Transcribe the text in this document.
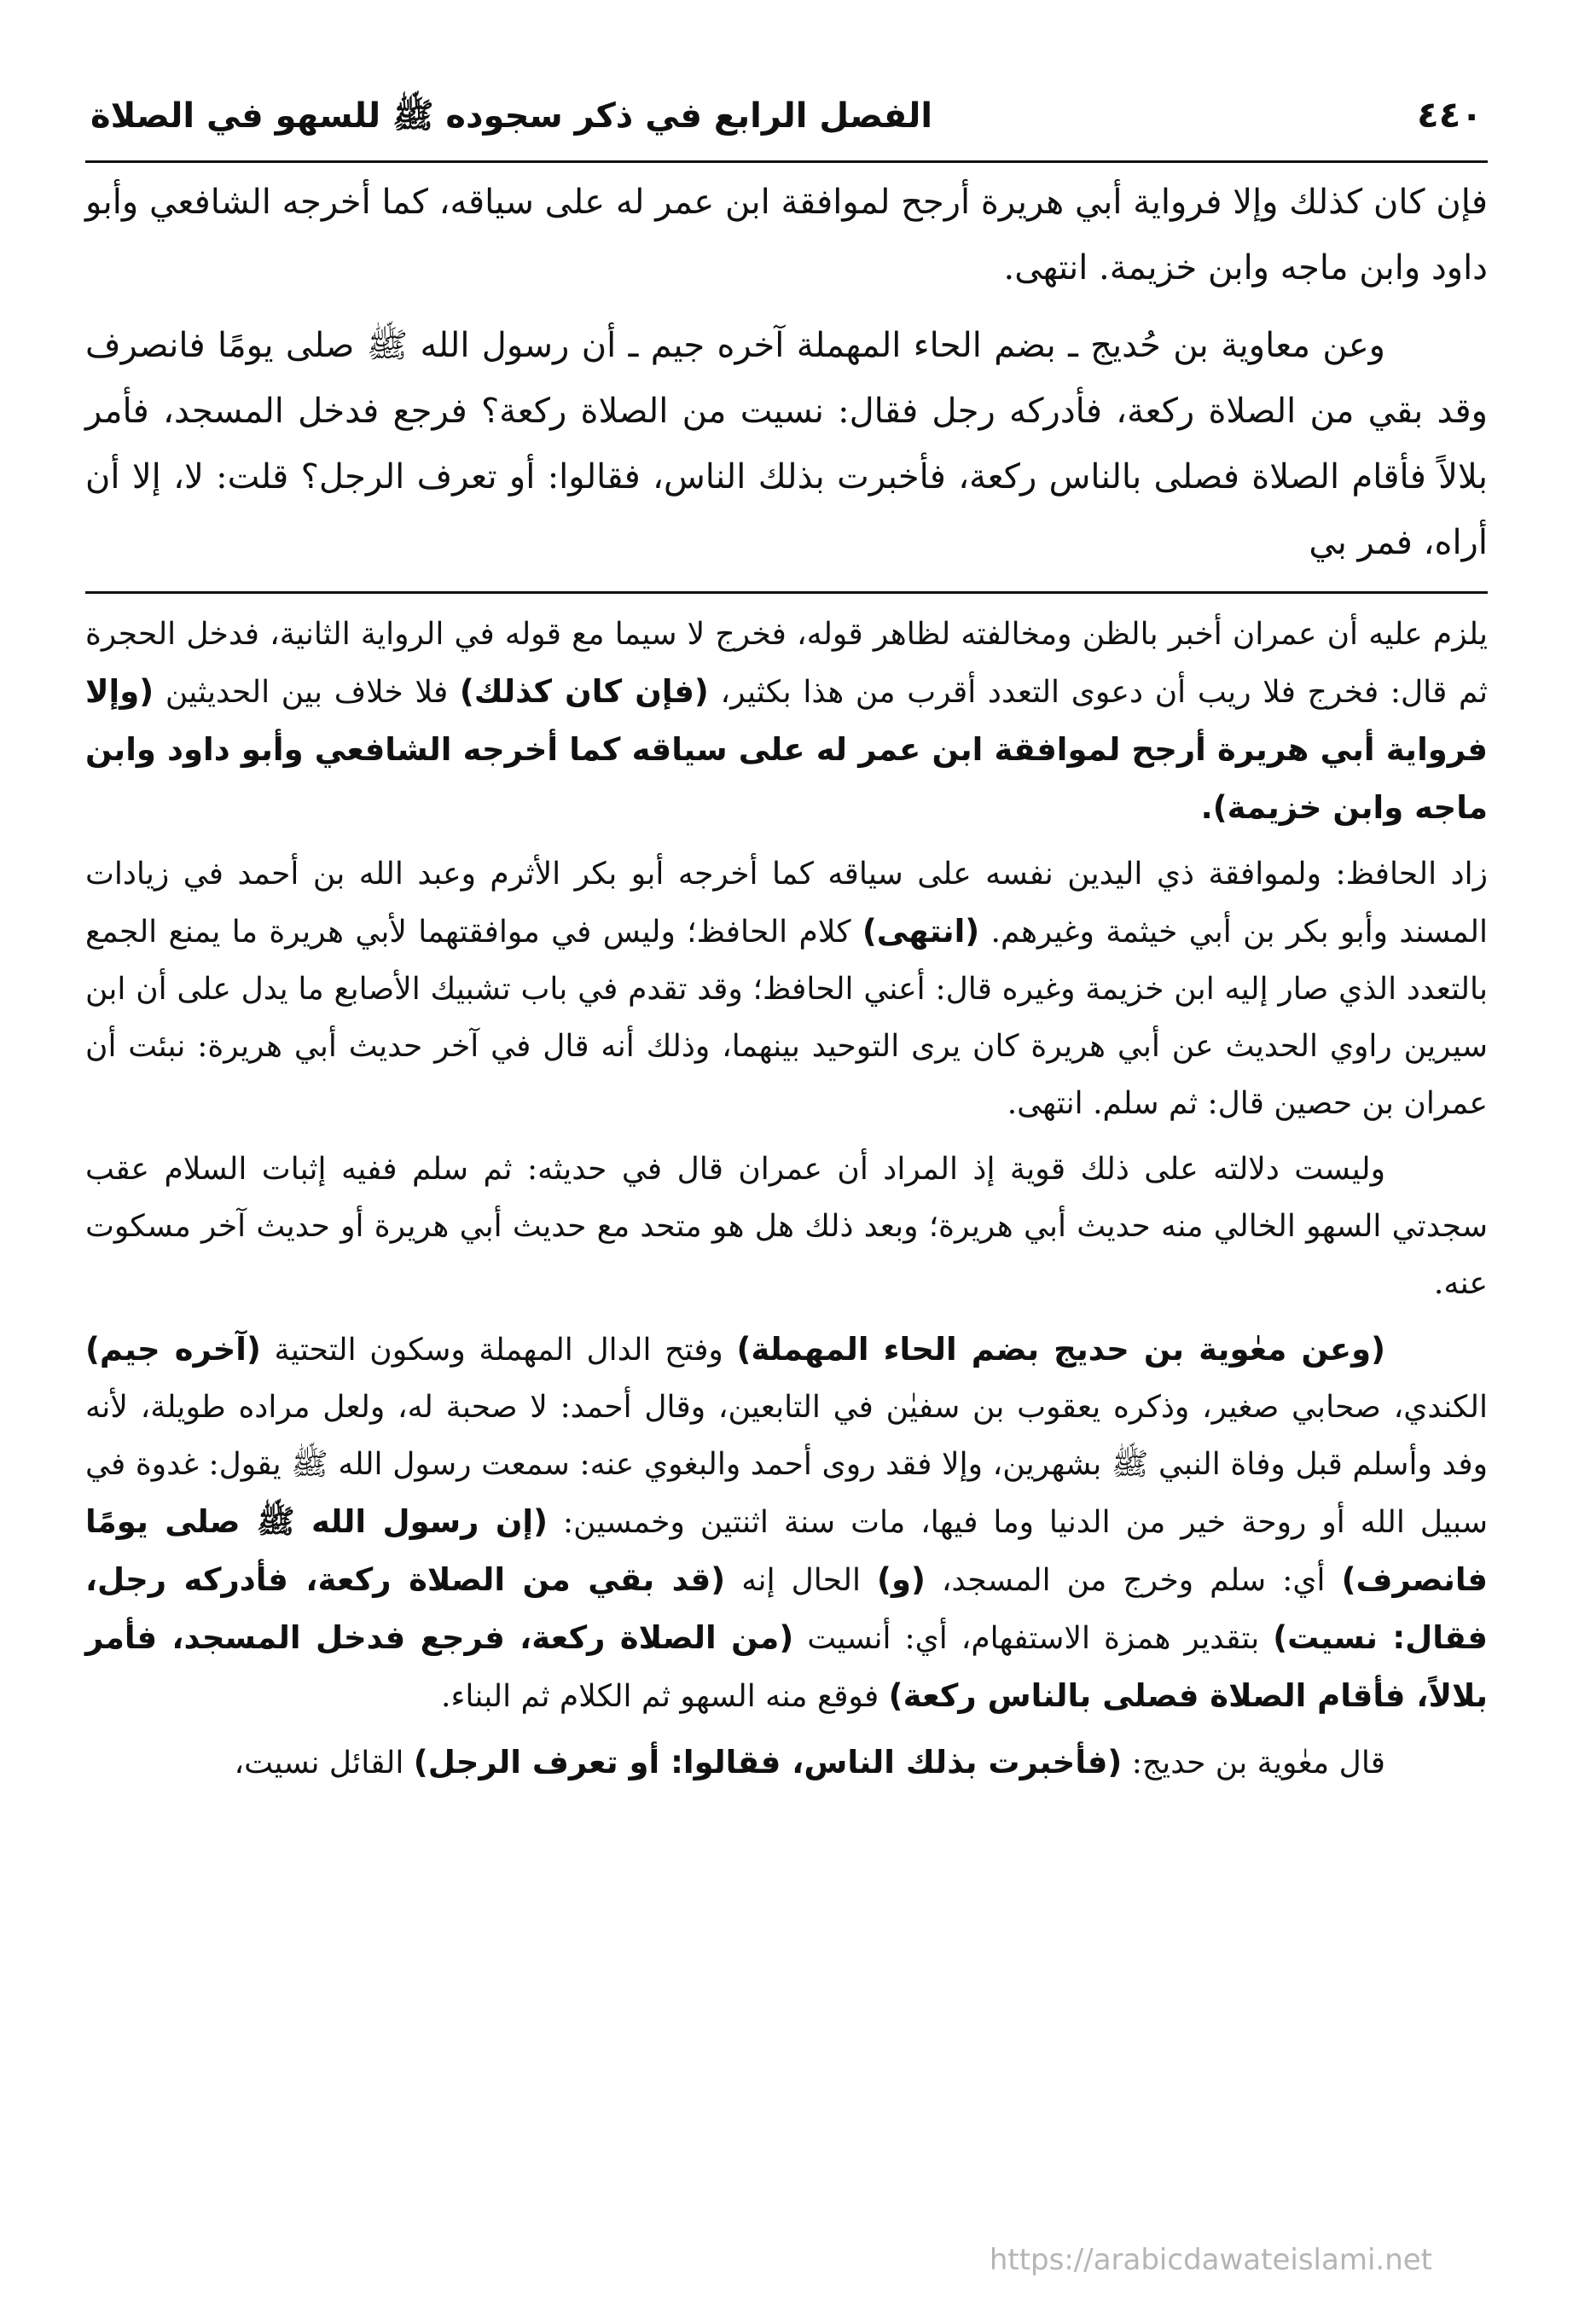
٤٤٠
الفصل الرابع في ذكر سجوده ﷺ للسهو في الصلاة

فإن كان كذلك وإلا فرواية أبي هريرة أرجح لموافقة ابن عمر له على سياقه، كما أخرجه الشافعي وأبو داود وابن ماجه وابن خزيمة. انتهى.

وعن معاوية بن حُديج ـ بضم الحاء المهملة آخره جيم ـ أن رسول الله ﷺ صلى يومًا فانصرف وقد بقي من الصلاة ركعة، فأدركه رجل فقال: نسيت من الصلاة ركعة؟ فرجع فدخل المسجد، فأمر بلالاً فأقام الصلاة فصلى بالناس ركعة، فأخبرت بذلك الناس، فقالوا: أو تعرف الرجل؟ قلت: لا، إلا أن أراه، فمر بي

يلزم عليه أن عمران أخبر بالظن ومخالفته لظاهر قوله، فخرج لا سيما مع قوله في الرواية الثانية، فدخل الحجرة ثم قال: فخرج فلا ريب أن دعوى التعدد أقرب من هذا بكثير، (فإن كان كذلك) فلا خلاف بين الحديثين (وإلا فرواية أبي هريرة أرجح لموافقة ابن عمر له على سياقه كما أخرجه الشافعي وأبو داود وابن ماجه وابن خزيمة).

زاد الحافظ: ولموافقة ذي اليدين نفسه على سياقه كما أخرجه أبو بكر الأثرم وعبد الله بن أحمد في زيادات المسند وأبو بكر بن أبي خيثمة وغيرهم. (انتهى) كلام الحافظ؛ وليس في موافقتهما لأبي هريرة ما يمنع الجمع بالتعدد الذي صار إليه ابن خزيمة وغيره قال: أعني الحافظ؛ وقد تقدم في باب تشبيك الأصابع ما يدل على أن ابن سيرين راوي الحديث عن أبي هريرة كان يرى التوحيد بينهما، وذلك أنه قال في آخر حديث أبي هريرة: نبئت أن عمران بن حصين قال: ثم سلم. انتهى.

وليست دلالته على ذلك قوية إذ المراد أن عمران قال في حديثه: ثم سلم ففيه إثبات السلام عقب سجدتي السهو الخالي منه حديث أبي هريرة؛ وبعد ذلك هل هو متحد مع حديث أبي هريرة أو حديث آخر مسكوت عنه.

(وعن معٰوية بن حديج بضم الحاء المهملة) وفتح الدال المهملة وسكون التحتية (آخره جيم) الكندي، صحابي صغير، وذكره يعقوب بن سفيٰن في التابعين، وقال أحمد: لا صحبة له، ولعل مراده طويلة، لأنه وفد وأسلم قبل وفاة النبي ﷺ بشهرين، وإلا فقد روى أحمد والبغوي عنه: سمعت رسول الله ﷺ يقول: غدوة في سبيل الله أو روحة خير من الدنيا وما فيها، مات سنة اثنتين وخمسين: (إن رسول الله ﷺ صلى يومًا فانصرف) أي: سلم وخرج من المسجد، (و) الحال إنه (قد بقي من الصلاة ركعة، فأدركه رجل، فقال: نسيت) بتقدير همزة الاستفهام، أي: أنسيت (من الصلاة ركعة، فرجع فدخل المسجد، فأمر بلالاً، فأقام الصلاة فصلى بالناس ركعة) فوقع منه السهو ثم الكلام ثم البناء.

قال معٰوية بن حديج: (فأخبرت بذلك الناس، فقالوا: أو تعرف الرجل) القائل نسيت،

https://arabicdawateislami.net
